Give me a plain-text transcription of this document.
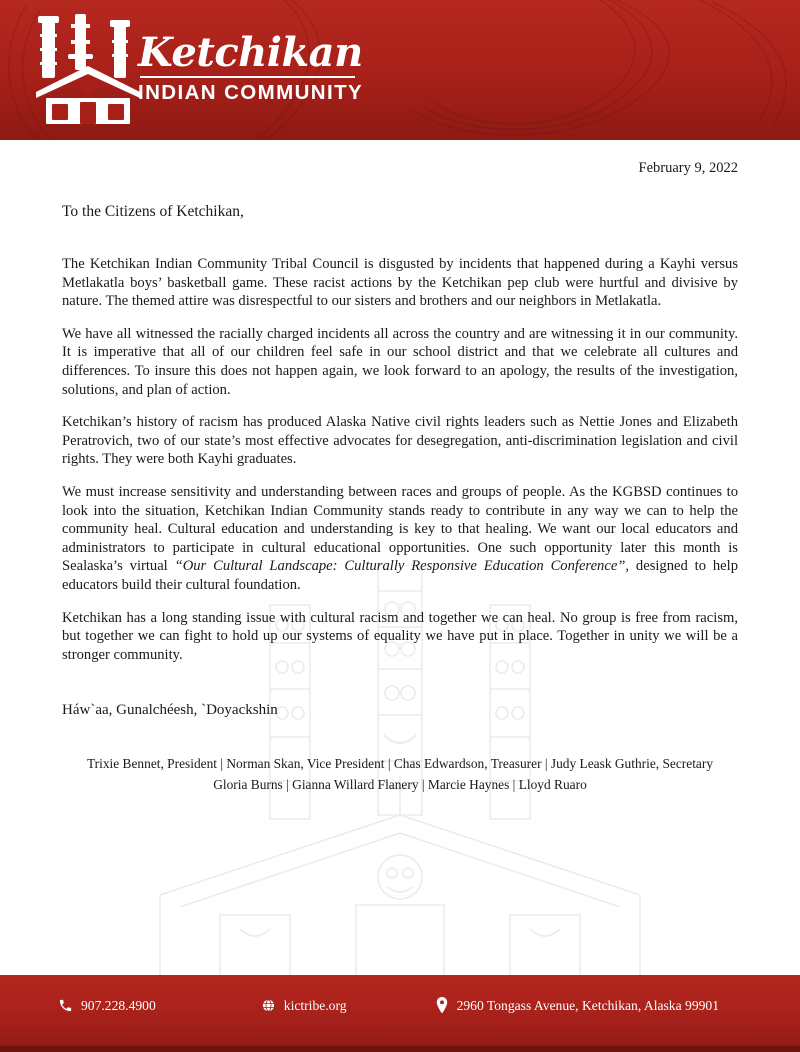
Ketchikan
INDIAN COMMUNITY
February 9, 2022
To the Citizens of Ketchikan,

The Ketchikan Indian Community Tribal Council is disgusted by incidents that happened during a Kayhi versus Metlakatla boys’ basketball game. These racist actions by the Ketchikan pep club were hurtful and divisive by nature. The themed attire was disrespectful to our sisters and brothers and our neighbors in Metlakatla.

We have all witnessed the racially charged incidents all across the country and are witnessing it in our community. It is imperative that all of our children feel safe in our school district and that we celebrate all cultures and differences. To insure this does not happen again, we look forward to an apology, the results of the investigation, solutions, and plan of action.

Ketchikan’s history of racism has produced Alaska Native civil rights leaders such as Nettie Jones and Elizabeth Peratrovich, two of our state’s most effective advocates for desegregation, anti-discrimination legislation and civil rights. They were both Kayhi graduates.

We must increase sensitivity and understanding between races and groups of people. As the KGBSD continues to look into the situation, Ketchikan Indian Community stands ready to contribute in any way we can to help the community heal. Cultural education and understanding is key to that healing. We want our local educators and administrators to participate in cultural educational opportunities. One such opportunity later this month is Sealaska’s virtual “Our Cultural Landscape: Culturally Responsive Education Conference”, designed to help educators build their cultural foundation.

Ketchikan has a long standing issue with cultural racism and together we can heal. No group is free from racism, but together we can fight to hold up our systems of equality we have put in place. Together in unity we will be a stronger community.

Háw`aa, Gunalchéesh, `Doyackshin
Trixie Bennet, President | Norman Skan, Vice President | Chas Edwardson, Treasurer | Judy Leask Guthrie, Secretary
Gloria Burns | Gianna Willard Flanery | Marcie Haynes | Lloyd Ruaro
907.228.4900	kictribe.org	2960 Tongass Avenue, Ketchikan, Alaska 99901
